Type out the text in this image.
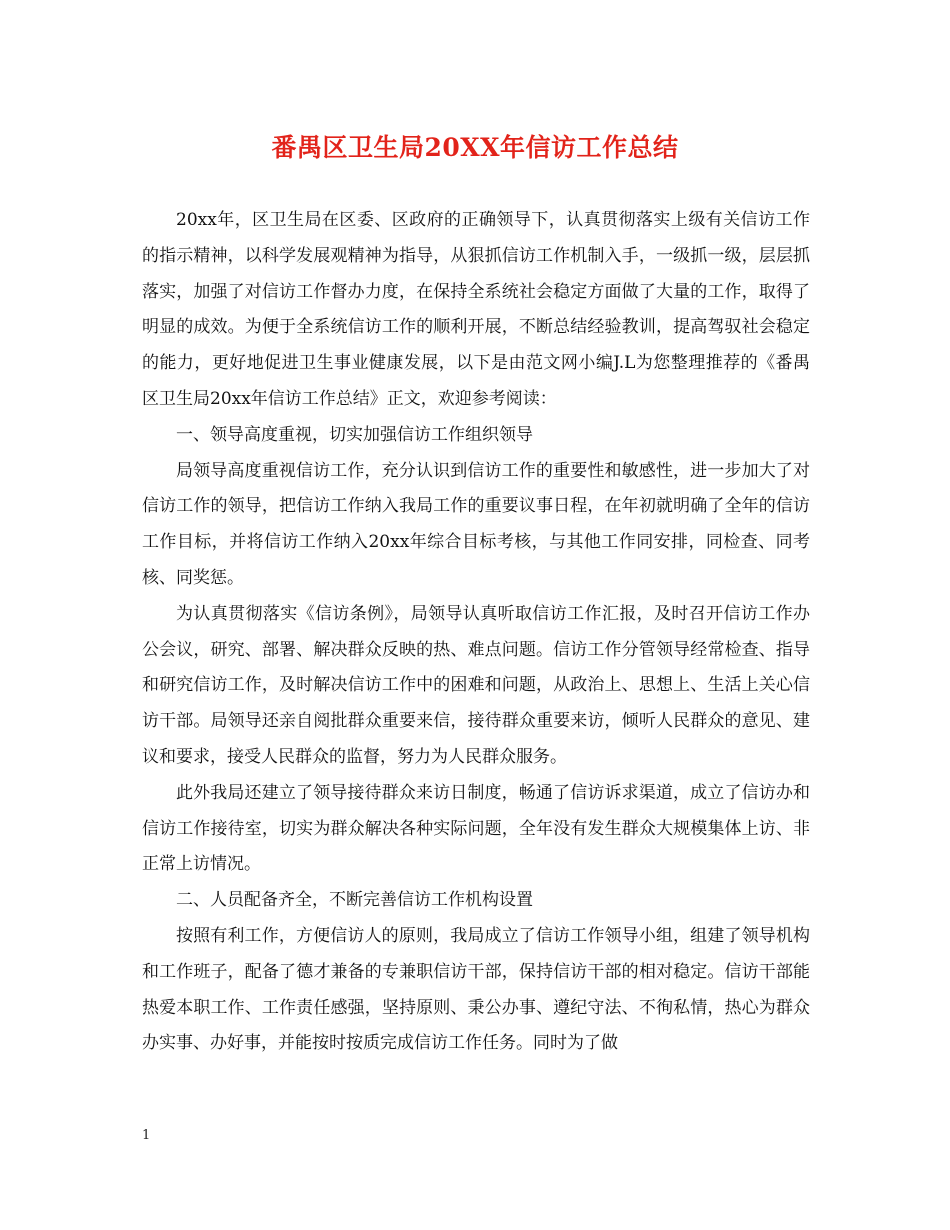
番禺区卫生局20XX年信访工作总结

20xx年，区卫生局在区委、区政府的正确领导下，认真贯彻落实上级有关信访工作的指示精神，以科学发展观精神为指导，从狠抓信访工作机制入手，一级抓一级，层层抓落实，加强了对信访工作督办力度，在保持全系统社会稳定方面做了大量的工作，取得了明显的成效。为便于全系统信访工作的顺利开展，不断总结经验教训，提高驾驭社会稳定的能力，更好地促进卫生事业健康发展，以下是由范文网小编J.L为您整理推荐的《番禺区卫生局20xx年信访工作总结》正文，欢迎参考阅读：

一、领导高度重视，切实加强信访工作组织领导

局领导高度重视信访工作，充分认识到信访工作的重要性和敏感性，进一步加大了对信访工作的领导，把信访工作纳入我局工作的重要议事日程，在年初就明确了全年的信访工作目标，并将信访工作纳入20xx年综合目标考核，与其他工作同安排，同检查、同考核、同奖惩。

为认真贯彻落实《信访条例》，局领导认真听取信访工作汇报，及时召开信访工作办公会议，研究、部署、解决群众反映的热、难点问题。信访工作分管领导经常检查、指导和研究信访工作，及时解决信访工作中的困难和问题，从政治上、思想上、生活上关心信访干部。局领导还亲自阅批群众重要来信，接待群众重要来访，倾听人民群众的意见、建议和要求，接受人民群众的监督，努力为人民群众服务。

此外我局还建立了领导接待群众来访日制度，畅通了信访诉求渠道，成立了信访办和信访工作接待室，切实为群众解决各种实际问题，全年没有发生群众大规模集体上访、非正常上访情况。

二、人员配备齐全，不断完善信访工作机构设置

按照有利工作，方便信访人的原则，我局成立了信访工作领导小组，组建了领导机构和工作班子，配备了德才兼备的专兼职信访干部，保持信访干部的相对稳定。信访干部能热爱本职工作、工作责任感强，坚持原则、秉公办事、遵纪守法、不徇私情，热心为群众办实事、办好事，并能按时按质完成信访工作任务。同时为了做

1
